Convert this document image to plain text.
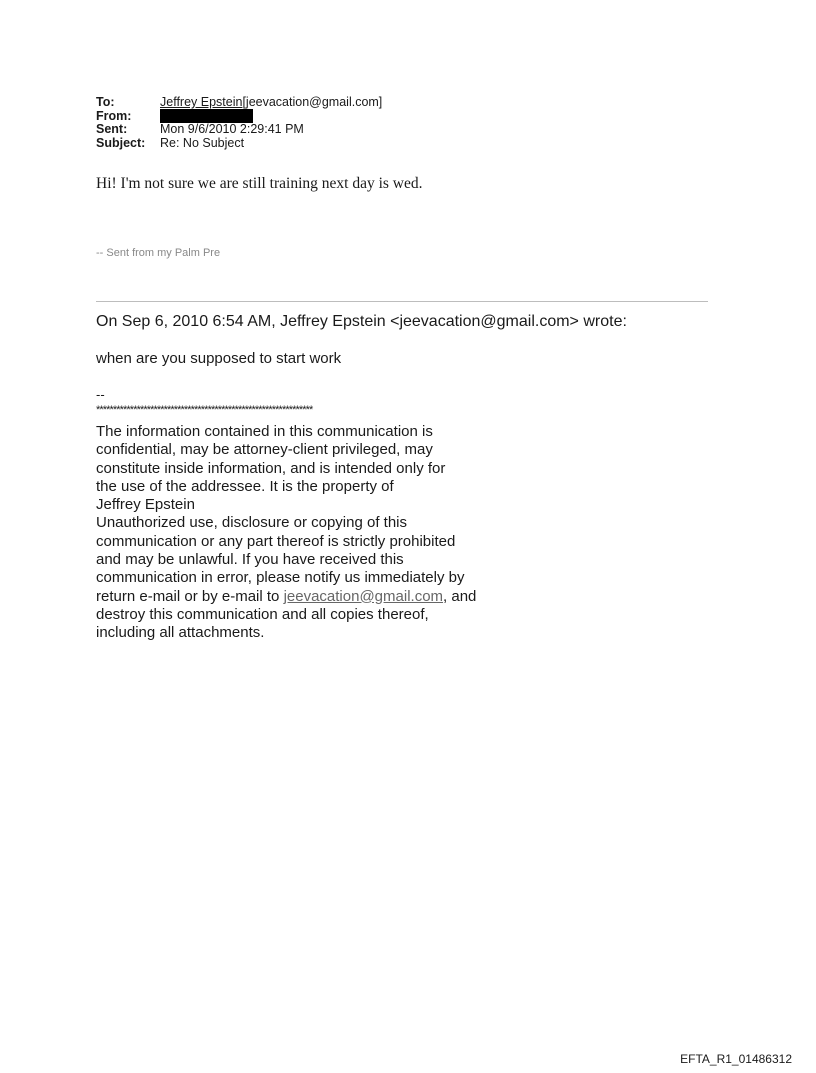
To:	Jeffrey Epstein[jeevacation@gmail.com]
From:
Sent:	Mon 9/6/2010 2:29:41 PM
Subject:	Re: No Subject
Hi! I'm not sure we are still training next day is wed.
-- Sent from my Palm Pre
On Sep 6, 2010 6:54 AM, Jeffrey Epstein <jeevacation@gmail.com> wrote:
when are you supposed to start work
--
****************************************************************
The information contained in this communication is
confidential, may be attorney-client privileged, may
constitute inside information, and is intended only for
the use of the addressee. It is the property of
Jeffrey Epstein
Unauthorized use, disclosure or copying of this
communication or any part thereof is strictly prohibited
and may be unlawful. If you have received this
communication in error, please notify us immediately by
return e-mail or by e-mail to jeevacation@gmail.com, and
destroy this communication and all copies thereof,
including all attachments.
EFTA_R1_01486312
